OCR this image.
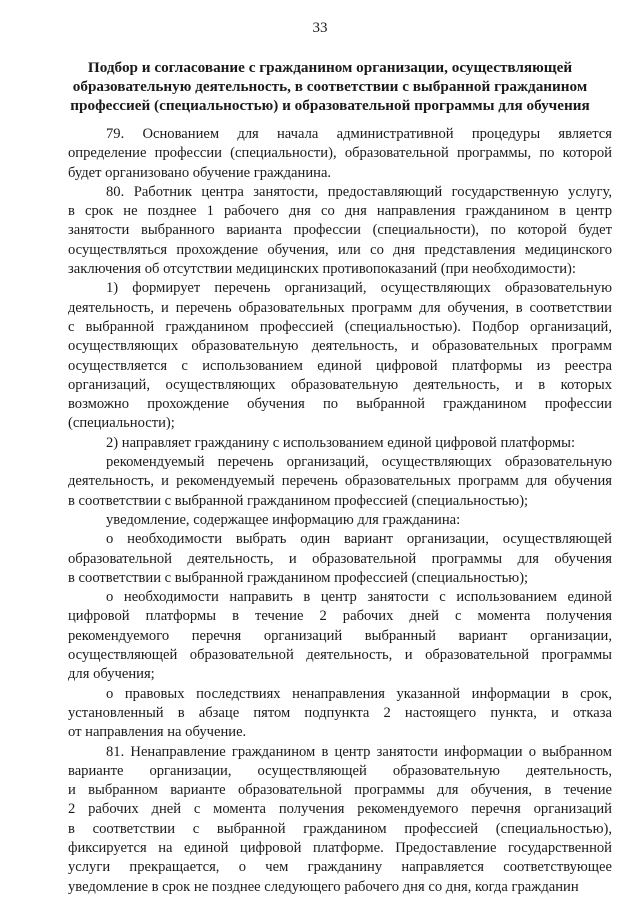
33
Подбор и согласование с гражданином организации, осуществляющей
образовательную деятельность, в соответствии с выбранной гражданином
профессией (специальностью) и образовательной программы для обучения

79. Основанием для начала административной процедуры является
определение профессии (специальности), образовательной программы, по которой
будет организовано обучение гражданина.

80. Работник центра занятости, предоставляющий государственную услугу,
в срок не позднее 1 рабочего дня со дня направления гражданином в центр
занятости выбранного варианта профессии (специальности), по которой будет
осуществляться прохождение обучения, или со дня представления медицинского
заключения об отсутствии медицинских противопоказаний (при необходимости):

1) формирует перечень организаций, осуществляющих образовательную
деятельность, и перечень образовательных программ для обучения, в соответствии
с выбранной гражданином профессией (специальностью). Подбор организаций,
осуществляющих образовательную деятельность, и образовательных программ
осуществляется с использованием единой цифровой платформы из реестра
организаций, осуществляющих образовательную деятельность, и в которых
возможно прохождение обучения по выбранной гражданином профессии
(специальности);

2) направляет гражданину с использованием единой цифровой платформы:

рекомендуемый перечень организаций, осуществляющих образовательную
деятельность, и рекомендуемый перечень образовательных программ для обучения
в соответствии с выбранной гражданином профессией (специальностью);

уведомление, содержащее информацию для гражданина:

о необходимости выбрать один вариант организации, осуществляющей
образовательной деятельность, и образовательной программы для обучения
в соответствии с выбранной гражданином профессией (специальностью);

о необходимости направить в центр занятости с использованием единой
цифровой платформы в течение 2 рабочих дней с момента получения
рекомендуемого перечня организаций выбранный вариант организации,
осуществляющей образовательной деятельность, и образовательной программы
для обучения;

о правовых последствиях ненаправления указанной информации в срок,
установленный в абзаце пятом подпункта 2 настоящего пункта, и отказа
от направления на обучение.

81. Ненаправление гражданином в центр занятости информации о выбранном
варианте организации, осуществляющей образовательную деятельность,
и выбранном варианте образовательной программы для обучения, в течение
2 рабочих дней с момента получения рекомендуемого перечня организаций
в соответствии с выбранной гражданином профессией (специальностью),
фиксируется на единой цифровой платформе. Предоставление государственной
услуги прекращается, о чем гражданину направляется соответствующее
уведомление в срок не позднее следующего рабочего дня со дня, когда гражданин
